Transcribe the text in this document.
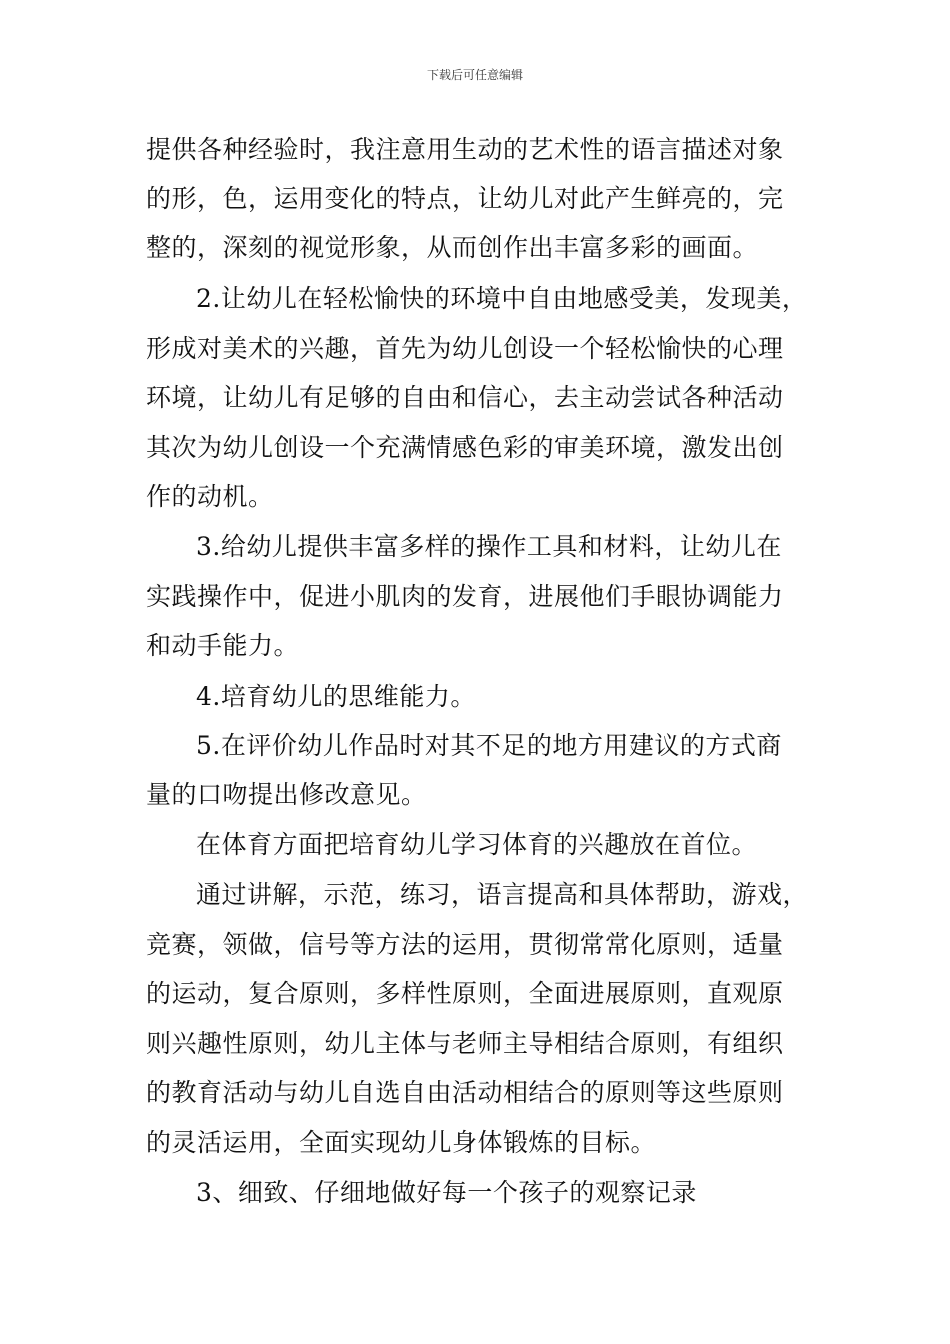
下载后可任意编辑
提供各种经验时，我注意用生动的艺术性的语言描述对象
的形，色，运用变化的特点，让幼儿对此产生鲜亮的，完
整的，深刻的视觉形象，从而创作出丰富多彩的画面。
2.让幼儿在轻松愉快的环境中自由地感受美，发现美，
形成对美术的兴趣，首先为幼儿创设一个轻松愉快的心理
环境，让幼儿有足够的自由和信心，去主动尝试各种活动
其次为幼儿创设一个充满情感色彩的审美环境，激发出创
作的动机。
3.给幼儿提供丰富多样的操作工具和材料，让幼儿在
实践操作中，促进小肌肉的发育，进展他们手眼协调能力
和动手能力。
4.培育幼儿的思维能力。
5.在评价幼儿作品时对其不足的地方用建议的方式商
量的口吻提出修改意见。
在体育方面把培育幼儿学习体育的兴趣放在首位。
通过讲解，示范，练习，语言提高和具体帮助，游戏，
竞赛，领做，信号等方法的运用，贯彻常常化原则，适量
的运动，复合原则，多样性原则，全面进展原则，直观原
则兴趣性原则，幼儿主体与老师主导相结合原则，有组织
的教育活动与幼儿自选自由活动相结合的原则等这些原则
的灵活运用，全面实现幼儿身体锻炼的目标。
3、细致、仔细地做好每一个孩子的观察记录
